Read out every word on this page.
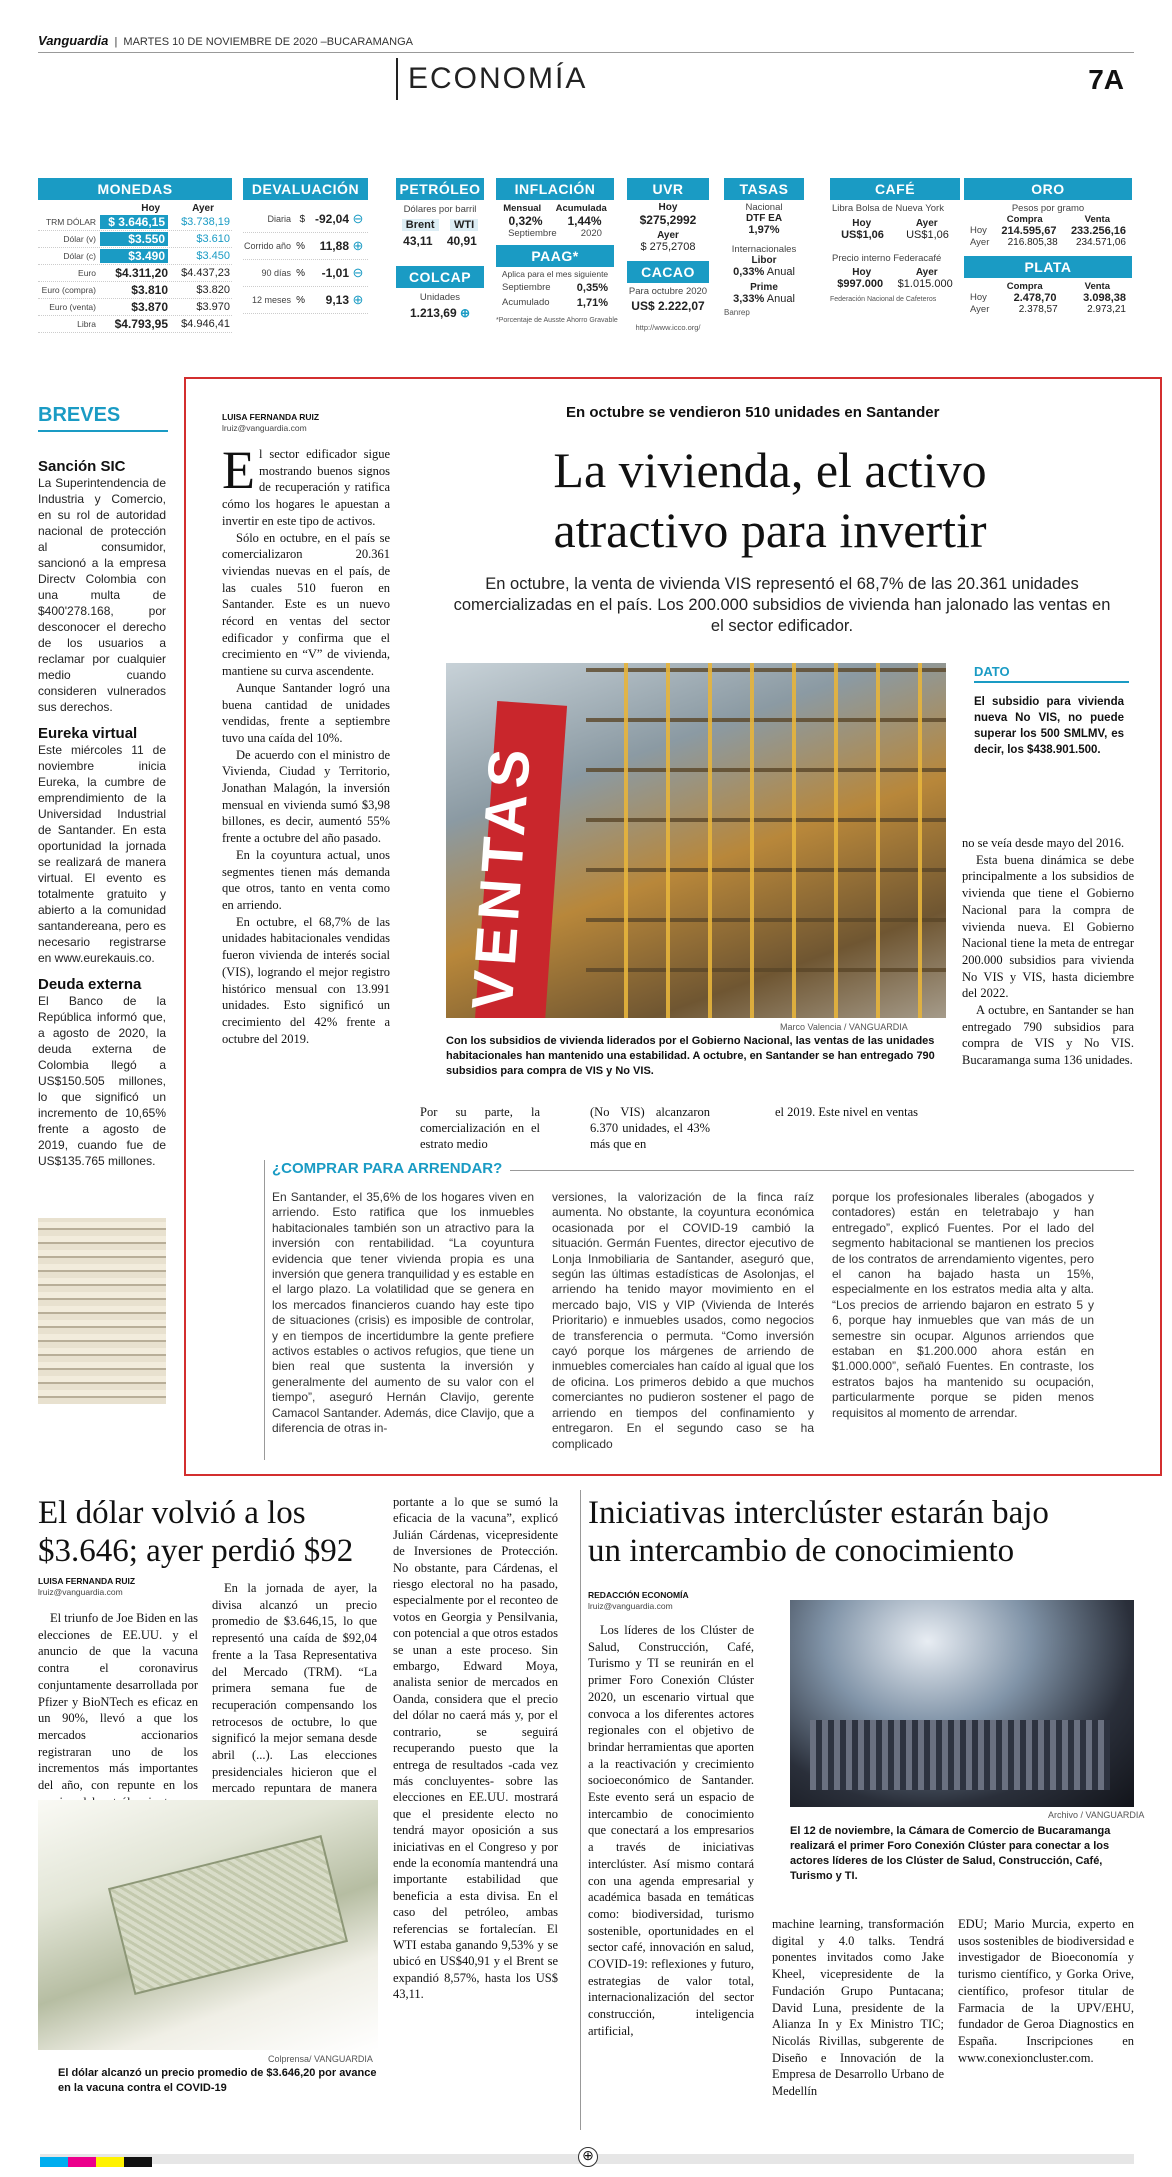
Vanguardia  |  MARTES 10 DE NOVIEMBRE DE 2020 –BUCARAMANGA
ECONOMÍA	7A
MONEDAS
Hoy	Ayer
TRM DÓLAR	$ 3.646,15	$3.738,19
Dólar (v)	$3.550	$3.610
Dólar (c)	$3.490	$3.450
Euro	$4.311,20	$4.437,23
Euro (compra)	$3.810	$3.820
Euro (venta)	$3.870	$3.970
Libra	$4.793,95	$4.946,41
DEVALUACIÓN
Diaria $ -92,04 ⊖
Corrido año %	11,88 ⊕
90 días %	-1,01 ⊖
12 meses %	9,13 ⊕
PETRÓLEO
Dólares por barril
Brent	WTI
43,11 40,91
COLCAP
Unidades
1.213,69 ⊕
INFLACIÓN
Mensual Acumulada
0,32% 1,44%
Septiembre	2020
PAAG*
Aplica para el mes siguiente
Septiembre 0,35%
Acumulado 1,71%
*Porcentaje de Ausste Ahorro Gravable
UVR
Hoy
$275,2992
Ayer
$ 275,2708
CACAO
Para octubre 2020
US$ 2.222,07
http://www.icco.org/
TASAS
Nacional
DTF EA
1,97%
Internacionales
Libor
0,33% Anual
Prime
3,33% Anual
Banrep
CAFÉ
Libra Bolsa de Nueva York
Hoy	Ayer
US$1,06 US$1,06
Precio interno Federacafé
Hoy	Ayer
$997.000 $1.015.000
Federación Nacional de Cafeteros
ORO
Pesos por gramo
Compra	Venta
Hoy 214.595,67 233.256,16
Ayer 216.805,38 234.571,06
PLATA
Compra	Venta
Hoy 2.478,70 3.098,38
Ayer	2.378,57	2.973,21
BREVES
Sanción SIC
La Superintendencia de Industria y Comercio, en su rol de autoridad nacional de protección al consumidor, sancionó a la empresa Directv Colombia con una multa de $400'278.168, por desconocer el derecho de los usuarios a reclamar por cualquier medio cuando consideren vulnerados sus derechos.
Eureka virtual
Este miércoles 11 de noviembre inicia Eureka, la cumbre de emprendimiento de la Universidad Industrial de Santander. En esta oportunidad la jornada se realizará de manera virtual. El evento es totalmente gratuito y abierto a la comunidad santandereana, pero es necesario registrarse en www.eurekauis.co.
Deuda externa
El Banco de la República informó que, a agosto de 2020, la deuda externa de Colombia llegó a US$150.505 millones, lo que significó un incremento de 10,65% frente a agosto de 2019, cuando fue de US$135.765 millones.
LUISA FERNANDA RUIZ
lruiz@vanguardia.com
En octubre se vendieron 510 unidades en Santander
La vivienda, el activo
atractivo para invertir
En octubre, la venta de vivienda VIS representó el 68,7% de las 20.361 unidades comercializadas en el país. Los 200.000 subsidios de vivienda han jalonado las ventas en el sector edificador.
E l sector edificador sigue mostrando buenos signos de recuperación y ratifica cómo los hogares le apuestan a invertir en este tipo de activos.

Sólo en octubre, en el país se comercializaron 20.361 viviendas nuevas en el país, de las cuales 510 fueron en Santander. Este es un nuevo récord en ventas del sector edificador y confirma que el crecimiento en “V” de vivienda, mantiene su curva ascendente.

Aunque Santander logró una buena cantidad de unidades vendidas, frente a septiembre tuvo una caída del 10%.

De acuerdo con el ministro de Vivienda, Ciudad y Territorio, Jonathan Malagón, la inversión mensual en vivienda sumó $3,98 billones, es decir, aumentó 55% frente a octubre del año pasado.

En la coyuntura actual, unos segmentes tienen más demanda que otros, tanto en venta como en arriendo.

En octubre, el 68,7% de las unidades habitacionales vendidas fueron vivienda de interés social (VIS), logrando el mejor registro histórico mensual con 13.991 unidades. Esto significó un crecimiento del 42% frente a octubre del 2019.

VENTAS
Marco Valencia / VANGUARDIA
Con los subsidios de vivienda liderados por el Gobierno Nacional, las ventas de las unidades habitacionales han mantenido una estabilidad. A octubre, en Santander se han entregado 790 subsidios para compra de VIS y No VIS.
Por su parte, la comercialización en el estrato medio
(No VIS) alcanzaron 6.370 unidades, el 43% más que en
el 2019. Este nivel en ventas
DATO
El subsidio para vivienda nueva No VIS, no puede superar los 500 SMLMV, es decir, los $438.901.500.

no se veía desde mayo del 2016.

Esta buena dinámica se debe principalmente a los subsidios de vivienda que tiene el Gobierno Nacional para la compra de vivienda nueva. El Gobierno Nacional tiene la meta de entregar 200.000 subsidios para vivienda No VIS y VIS, hasta diciembre del 2022.

A octubre, en Santander se han entregado 790 subsidios para compra de VIS y No VIS. Bucaramanga suma 136 unidades.

¿COMPRAR PARA ARRENDAR?
En Santander, el 35,6% de los hogares viven en arriendo. Esto ratifica que los inmuebles habitacionales también son un atractivo para la inversión con rentabilidad. “La coyuntura evidencia que tener vivienda propia es una inversión que genera tranquilidad y es estable en el largo plazo. La volatilidad que se genera en los mercados financieros cuando hay este tipo de situaciones (crisis) es imposible de controlar, y en tiempos de incertidumbre la gente prefiere activos estables o activos refugios, que tiene un bien real que sustenta la inversión y generalmente del aumento de su valor con el tiempo”, aseguró Hernán Clavijo, gerente Camacol Santander. Además, dice Clavijo, que a diferencia de otras in-
versiones, la valorización de la finca raíz aumenta. No obstante, la coyuntura económica ocasionada por el COVID-19 cambió la situación. Germán Fuentes, director ejecutivo de Lonja Inmobiliaria de Santander, aseguró que, según las últimas estadísticas de Asolonjas, el arriendo ha tenido mayor movimiento en el mercado bajo, VIS y VIP (Vivienda de Interés Prioritario) e inmuebles usados, como negocios de transferencia o permuta. “Como inversión cayó porque los márgenes de arriendo de inmuebles comerciales han caído al igual que los de oficina. Los primeros debido a que muchos comerciantes no pudieron sostener el pago de arriendo en tiempos del confinamiento y entregaron. En el segundo caso se ha complicado
porque los profesionales liberales (abogados y contadores) están en teletrabajo y han entregado”, explicó Fuentes. Por el lado del segmento habitacional se mantienen los precios de los contratos de arrendamiento vigentes, pero el canon ha bajado hasta un 15%, especialmente en los estratos media alta y alta. “Los precios de arriendo bajaron en estrato 5 y 6, porque hay inmuebles que van más de un semestre sin ocupar. Algunos arriendos que estaban en $1.200.000 ahora están en $1.000.000”, señaló Fuentes. En contraste, los estratos bajos ha mantenido su ocupación, particularmente porque se piden menos requisitos al momento de arrendar.
El dólar volvió a los
$3.646; ayer perdió $92
LUISA FERNANDA RUIZ
lruiz@vanguardia.com
El triunfo de Joe Biden en las elecciones de EE.UU. y el anuncio de que la vacuna contra el coronavirus conjuntamente desarrollada por Pfizer y BioNTech es eficaz en un 90%, llevó a que los mercados accionarios registraran uno de los incrementos más importantes del año, con repunte en los
En la jornada de ayer, la divisa alcanzó un precio promedio de $3.646,15, lo que representó una caída de $92,04 frente a la Tasa Representativa del Mercado (TRM). “La primera semana fue de recuperación compensando los retrocesos de octubre, lo que significó la mejor semana desde abril (...). Las elecciones presidenciales hicieron que el mercado repuntara de manera
portante a lo que se sumó la eficacia de la vacuna”, explicó Julián Cárdenas, vicepresidente de Inversiones de Protección. No obstante, para Cárdenas, el riesgo electoral no ha pasado, especialmente por el reconteo de votos en Georgia y Pensilvania, con potencial a que otros estados se unan a este proceso. Sin embargo, Edward Moya, analista senior de mercados en Oanda, considera que el precio del dólar no caerá más y, por el contrario, se seguirá recuperando puesto que la entrega de resultados -cada vez más concluyentes- sobre las elecciones en EE.UU. mostrará que el presidente electo no tendrá mayor oposición a sus iniciativas en el Congreso y por ende la economía mantendrá una importante estabilidad que beneficia a esta divisa. En el caso del petróleo, ambas referencias se fortalecían. El WTI estaba ganando 9,53% y se ubicó en US$40,91 y el Brent se expandió 8,57%, hasta los US$ 43,11.
Colprensa/ VANGUARDIA
El dólar alcanzó un precio promedio de $3.646,20 por avance en la vacuna contra el COVID-19
Iniciativas interclúster estarán bajo
un intercambio de conocimiento
REDACCIÓN ECONOMÍA
lruiz@vanguardia.com
Los líderes de los Clúster de Salud, Construcción, Café, Turismo y TI se reunirán en el primer Foro Conexión Clúster 2020, un escenario virtual que convoca a los diferentes actores regionales con el objetivo de brindar herramientas que aporten a la reactivación y crecimiento socioeconómico de Santander. Este evento será un espacio de intercambio de conocimiento que conectará a los empresarios a través de iniciativas interclúster. Así mismo contará con una agenda empresarial y académica basada en temáticas como: biodiversidad, turismo sostenible, oportunidades en el sector café, innovación en salud, COVID-19: reflexiones y futuro, estrategias de valor total, internacionalización del sector construcción, inteligencia artificial,
Archivo / VANGUARDIA
El 12 de noviembre, la Cámara de Comercio de Bucaramanga realizará el primer Foro Conexión Clúster para conectar a los actores líderes de los Clúster de Salud, Construcción, Café, Turismo y TI.
machine learning, transformación digital y 4.0 talks. Tendrá ponentes invitados como Jake Kheel, vicepresidente de la Fundación Grupo Puntacana; David Luna, presidente de la Alianza In y Ex Ministro TIC; Nicolás Rivillas, subgerente de Diseño e Innovación de la Empresa de Desarrollo Urbano de Medellín
EDU; Mario Murcia, experto en usos sostenibles de biodiversidad e investigador de Bioeconomía y turismo científico, y Gorka Orive, científico, profesor titular de Farmacia de la UPV/EHU, fundador de Geroa Diagnostics en España. Inscripciones en www.conexioncluster.com.
⊕
